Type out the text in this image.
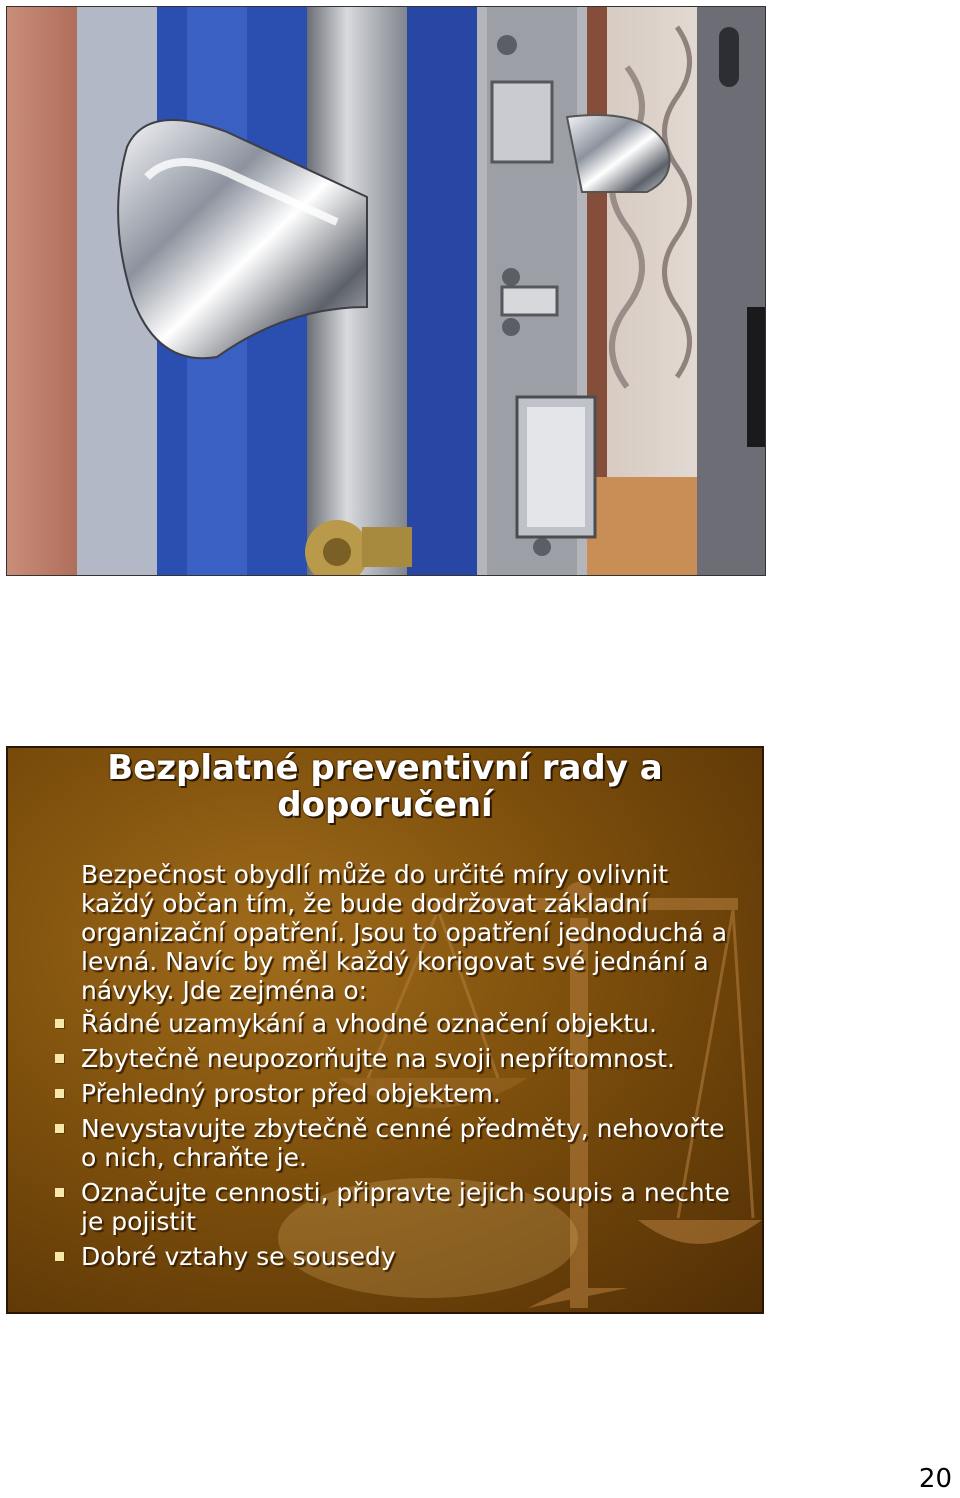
Bezplatné preventivní rady a
doporučení

Bezpečnost obydlí může do určité míry ovlivnit každý občan tím, že bude dodržovat základní organizační opatření. Jsou to opatření jednoduchá a levná. Navíc by měl každý korigovat své jednání a návyky. Jde zejména o:

Řádné uzamykání a vhodné označení objektu.
Zbytečně neupozorňujte na svoji nepřítomnost.
Přehledný prostor před objektem.
Nevystavujte zbytečně cenné předměty, nehovořte o nich, chraňte je.
Označujte cennosti, připravte jejich soupis a nechte je pojistit
Dobré vztahy se sousedy
20
